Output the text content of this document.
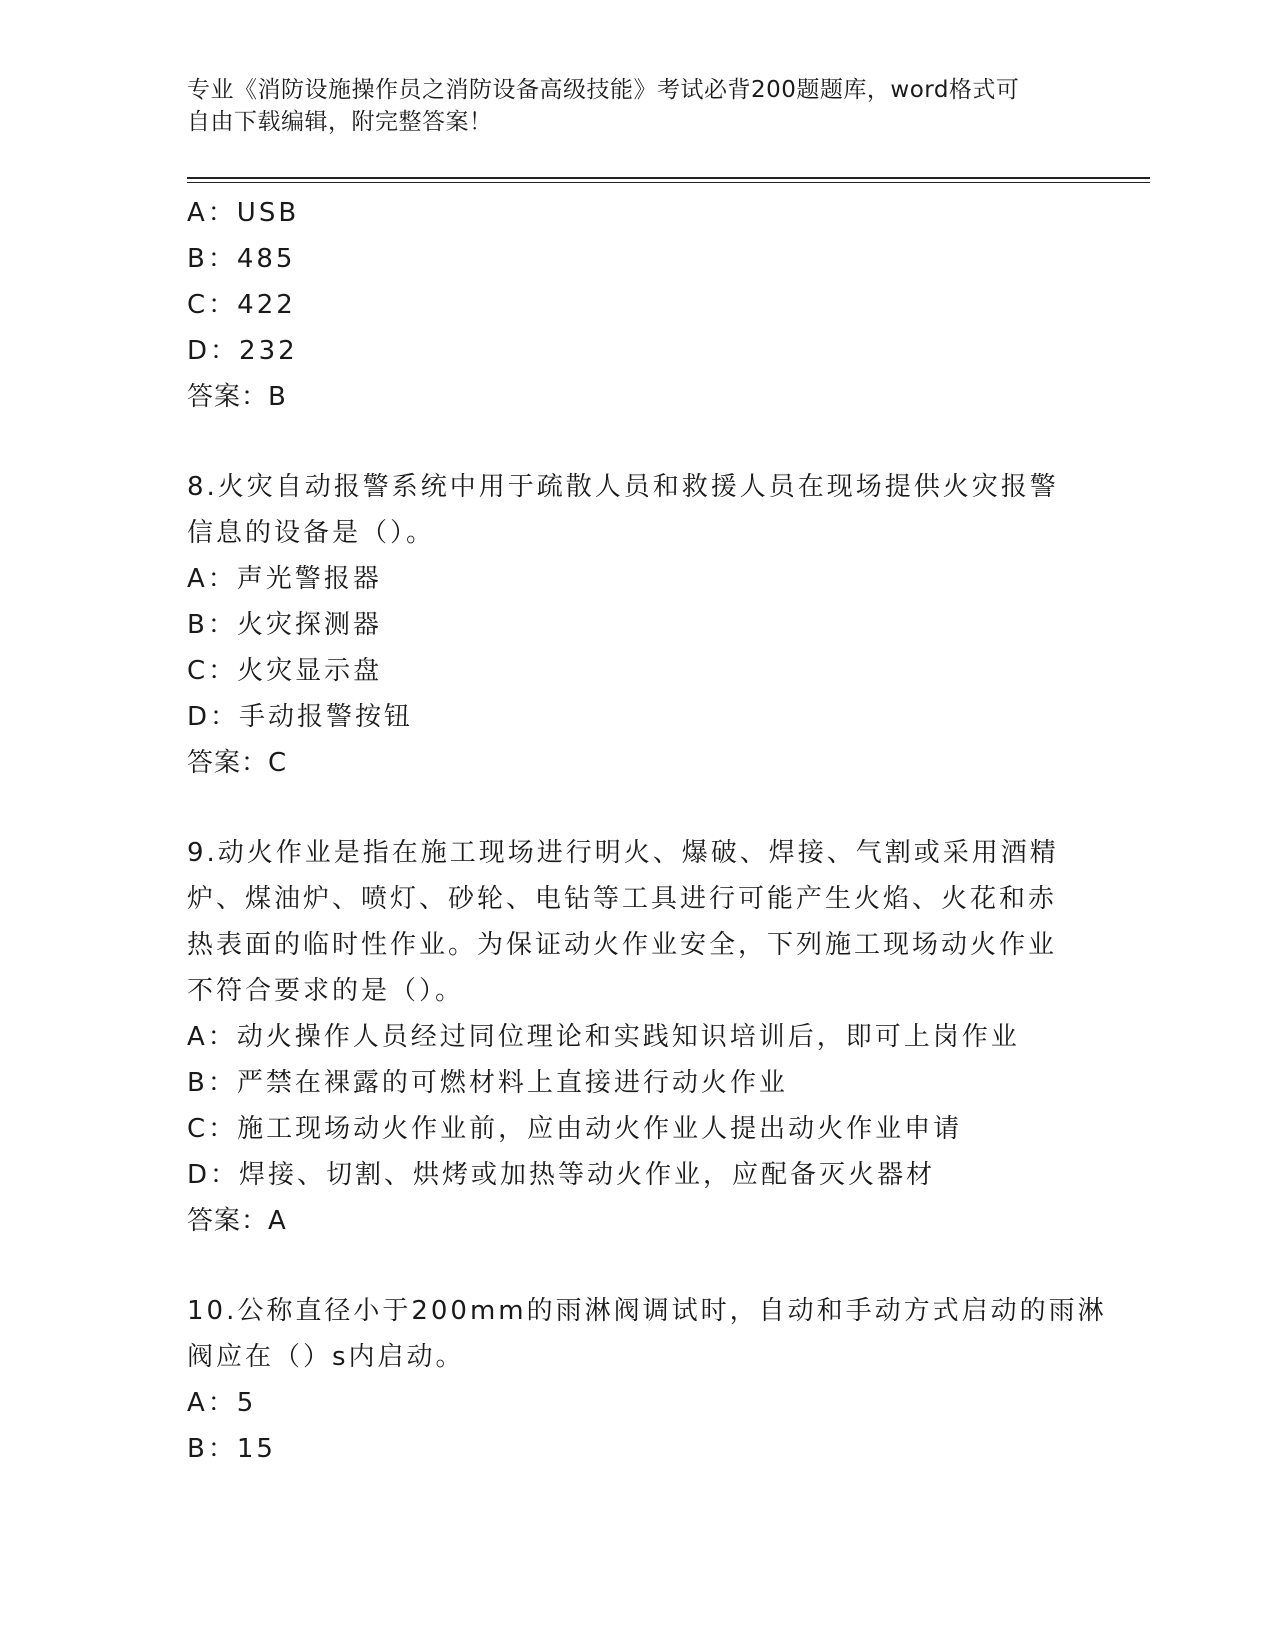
专业《消防设施操作员之消防设备高级技能》考试必背200题题库，word格式可
自由下载编辑，附完整答案！
A：USB
B：485
C：422
D：232
答案：B
8.火灾自动报警系统中用于疏散人员和救援人员在现场提供火灾报警
信息的设备是（）。
A：声光警报器
B：火灾探测器
C：火灾显示盘
D：手动报警按钮
答案：C
9.动火作业是指在施工现场进行明火、爆破、焊接、气割或采用酒精
炉、煤油炉、喷灯、砂轮、电钻等工具进行可能产生火焰、火花和赤
热表面的临时性作业。为保证动火作业安全，下列施工现场动火作业
不符合要求的是（）。
A：动火操作人员经过同位理论和实践知识培训后，即可上岗作业
B：严禁在裸露的可燃材料上直接进行动火作业
C：施工现场动火作业前，应由动火作业人提出动火作业申请
D：焊接、切割、烘烤或加热等动火作业，应配备灭火器材
答案：A
10.公称直径小于200mm的雨淋阀调试时，自动和手动方式启动的雨淋
阀应在（）s内启动。
A：5
B：15
